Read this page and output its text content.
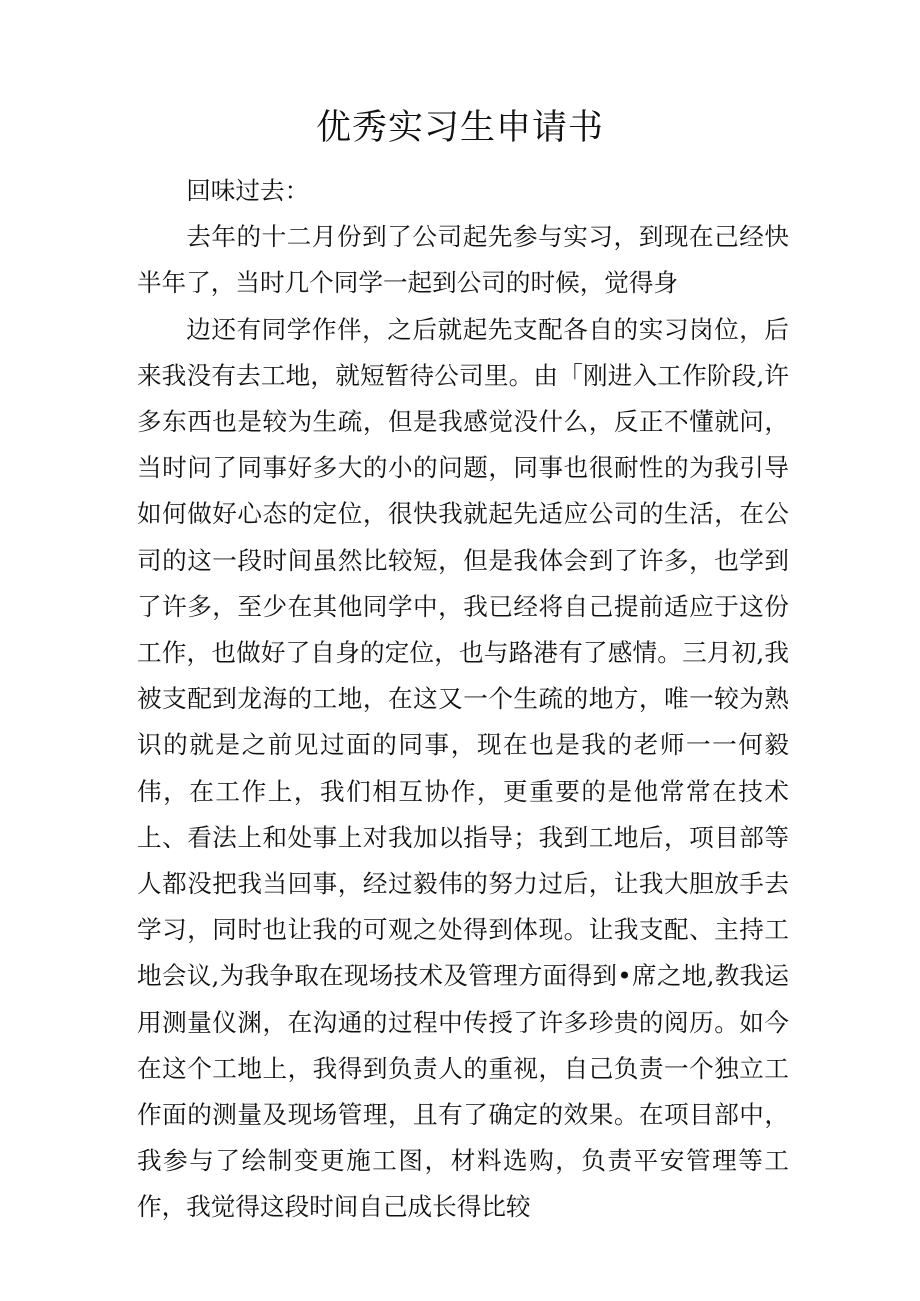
优秀实习生申请书

回味过去：

去年的十二月份到了公司起先参与实习，到现在己经快半年了，当时几个同学一起到公司的时候，觉得身

边还有同学作伴，之后就起先支配各自的实习岗位，后来我没有去工地，就短暂待公司里。由「刚进入工作阶段,许多东西也是较为生疏，但是我感觉没什么，反正不懂就问，当时问了同事好多大的小的问题，同事也很耐性的为我引导如何做好心态的定位，很快我就起先适应公司的生活，在公司的这一段时间虽然比较短，但是我体会到了许多，也学到了许多，至少在其他同学中，我已经将自己提前适应于这份工作，也做好了自身的定位，也与路港有了感情。三月初,我被支配到龙海的工地，在这又一个生疏的地方，唯一较为熟识的就是之前见过面的同事，现在也是我的老师一一何毅伟，在工作上，我们相互协作，更重要的是他常常在技术上、看法上和处事上对我加以指导；我到工地后，项目部等人都没把我当回事，经过毅伟的努力过后，让我大胆放手去学习，同时也让我的可观之处得到体现。让我支配、主持工地会议,为我争取在现场技术及管理方面得到•席之地,教我运用测量仪渊，在沟通的过程中传授了许多珍贵的阅历。如今在这个工地上，我得到负责人的重视，自己负责一个独立工作面的测量及现场管理，且有了确定的效果。在项目部中，我参与了绘制变更施工图，材料选购，负责平安管理等工作，我觉得这段时间自己成长得比较
